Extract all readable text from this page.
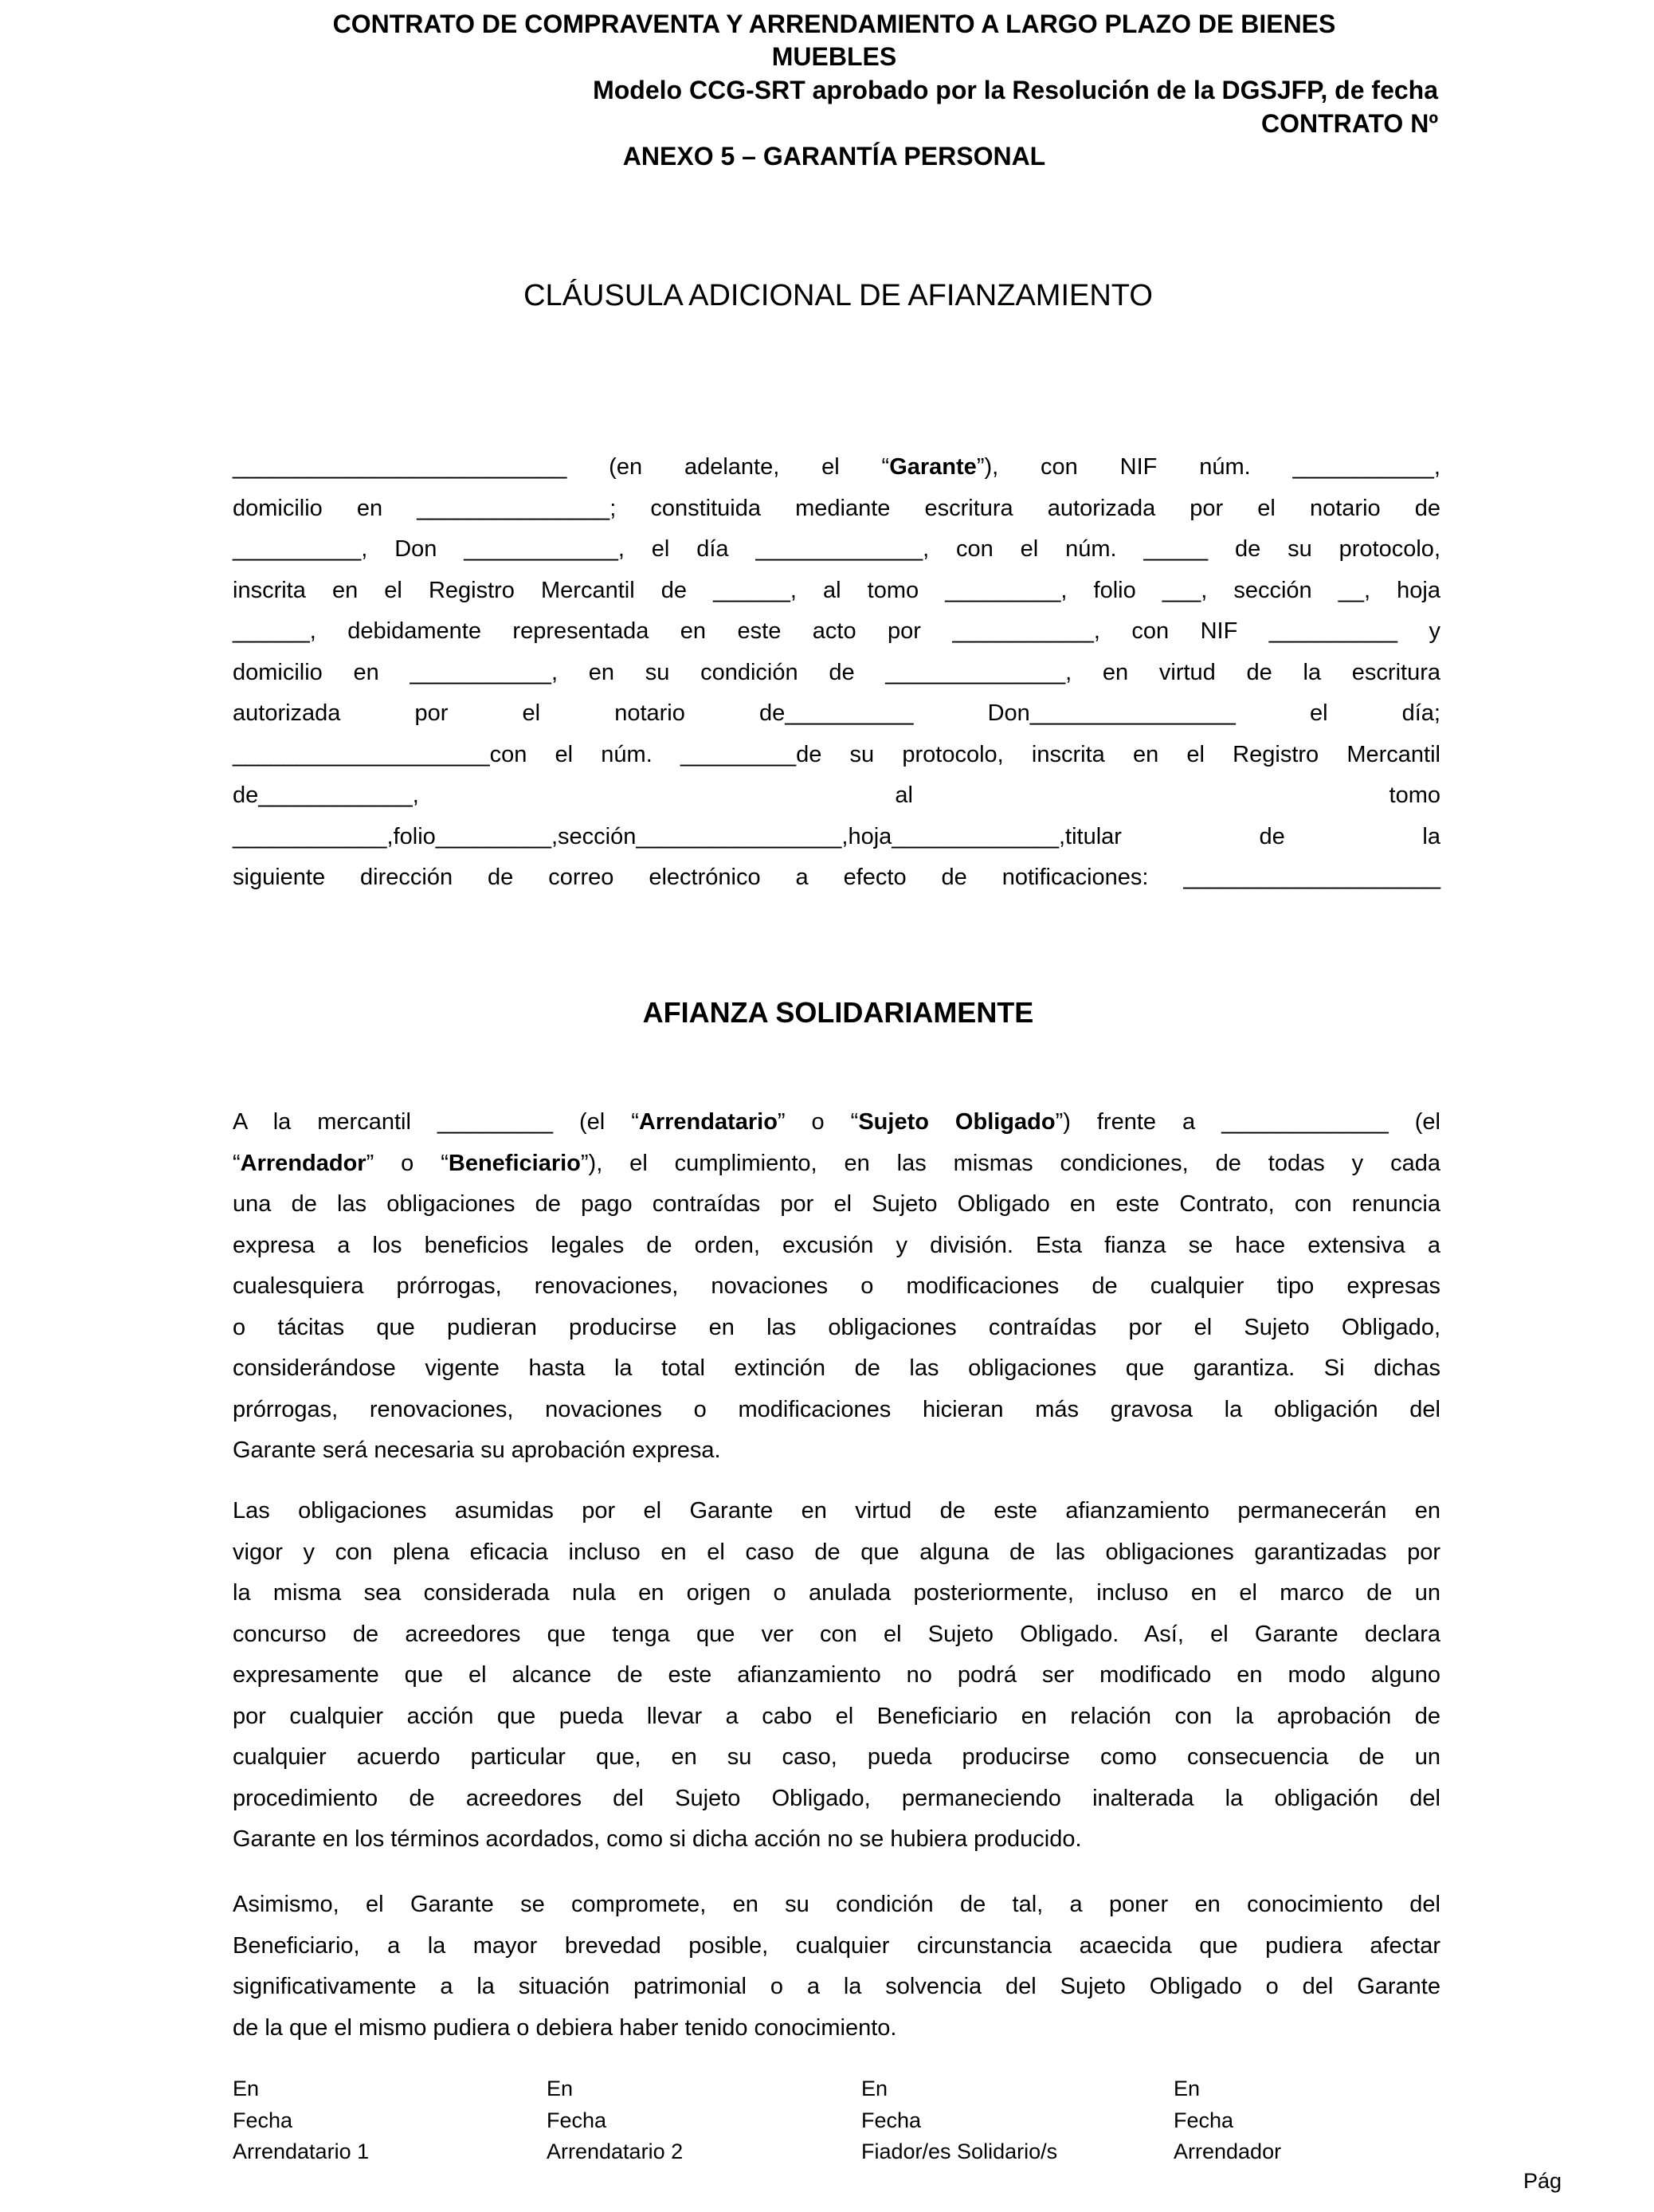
CONTRATO DE COMPRAVENTA Y ARRENDAMIENTO A LARGO PLAZO DE BIENES
MUEBLES
Modelo CCG-SRT aprobado por la Resolución de la DGSJFP, de fecha
CONTRATO Nº
ANEXO 5 – GARANTÍA PERSONAL
CLÁUSULA ADICIONAL DE AFIANZAMIENTO
__________________________ (en adelante, el “Garante”), con NIF núm. ___________,
domicilio en _______________; constituida mediante escritura autorizada por el notario de
__________, Don ____________, el día _____________, con el núm. _____ de su protocolo,
inscrita en el Registro Mercantil de ______, al tomo _________, folio ___, sección __, hoja
______, debidamente representada en este acto por ___________, con NIF __________ y
domicilio en ___________, en su condición de ______________, en virtud de la escritura
autorizada por el notario de__________ Don________________ el día;
____________________con el núm. _________de su protocolo, inscrita en el Registro Mercantil
de____________, al tomo
____________,folio_________,sección________________,hoja_____________,titular de la
siguiente dirección de correo electrónico a efecto de notificaciones: ____________________
AFIANZA SOLIDARIAMENTE
A la mercantil _________ (el “Arrendatario” o “Sujeto Obligado”) frente a _____________ (el
“Arrendador” o “Beneficiario”), el cumplimiento, en las mismas condiciones, de todas y cada
una de las obligaciones de pago contraídas por el Sujeto Obligado en este Contrato, con renuncia
expresa a los beneficios legales de orden, excusión y división. Esta fianza se hace extensiva a
cualesquiera prórrogas, renovaciones, novaciones o modificaciones de cualquier tipo expresas
o tácitas que pudieran producirse en las obligaciones contraídas por el Sujeto Obligado,
considerándose vigente hasta la total extinción de las obligaciones que garantiza. Si dichas
prórrogas, renovaciones, novaciones o modificaciones hicieran más gravosa la obligación del
Garante será necesaria su aprobación expresa.
Las obligaciones asumidas por el Garante en virtud de este afianzamiento permanecerán en
vigor y con plena eficacia incluso en el caso de que alguna de las obligaciones garantizadas por
la misma sea considerada nula en origen o anulada posteriormente, incluso en el marco de un
concurso de acreedores que tenga que ver con el Sujeto Obligado. Así, el Garante declara
expresamente que el alcance de este afianzamiento no podrá ser modificado en modo alguno
por cualquier acción que pueda llevar a cabo el Beneficiario en relación con la aprobación de
cualquier acuerdo particular que, en su caso, pueda producirse como consecuencia de un
procedimiento de acreedores del Sujeto Obligado, permaneciendo inalterada la obligación del
Garante en los términos acordados, como si dicha acción no se hubiera producido.
Asimismo, el Garante se compromete, en su condición de tal, a poner en conocimiento del
Beneficiario, a la mayor brevedad posible, cualquier circunstancia acaecida que pudiera afectar
significativamente a la situación patrimonial o a la solvencia del Sujeto Obligado o del Garante
de la que el mismo pudiera o debiera haber tenido conocimiento.
En
Fecha
Arrendatario 1
En
Fecha
Arrendatario 2
En
Fecha
Fiador/es Solidario/s
En
Fecha
Arrendador
Pág
